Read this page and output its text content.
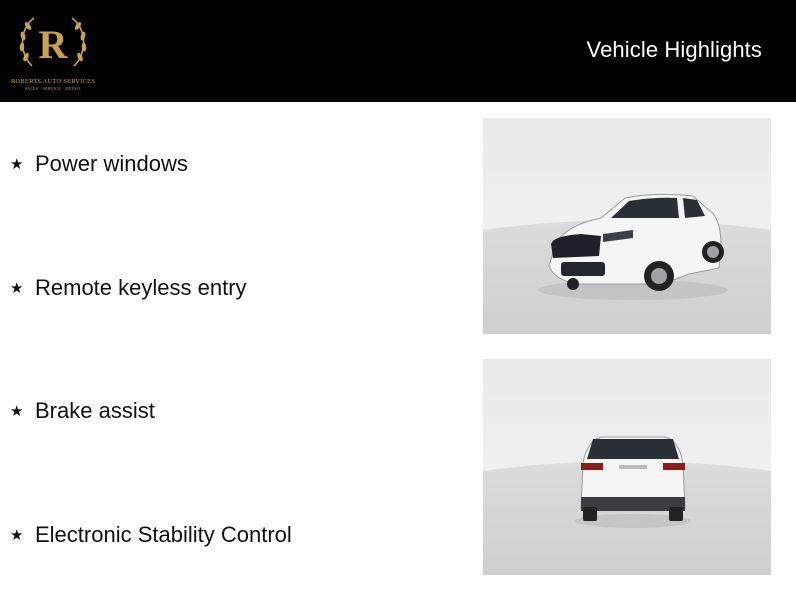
R
ROBERTS AUTO SERVICES
SALES · SERVICE · DETAIL
Vehicle Highlights
★ Power windows
★ Remote keyless entry
★ Brake assist
★ Electronic Stability Control
